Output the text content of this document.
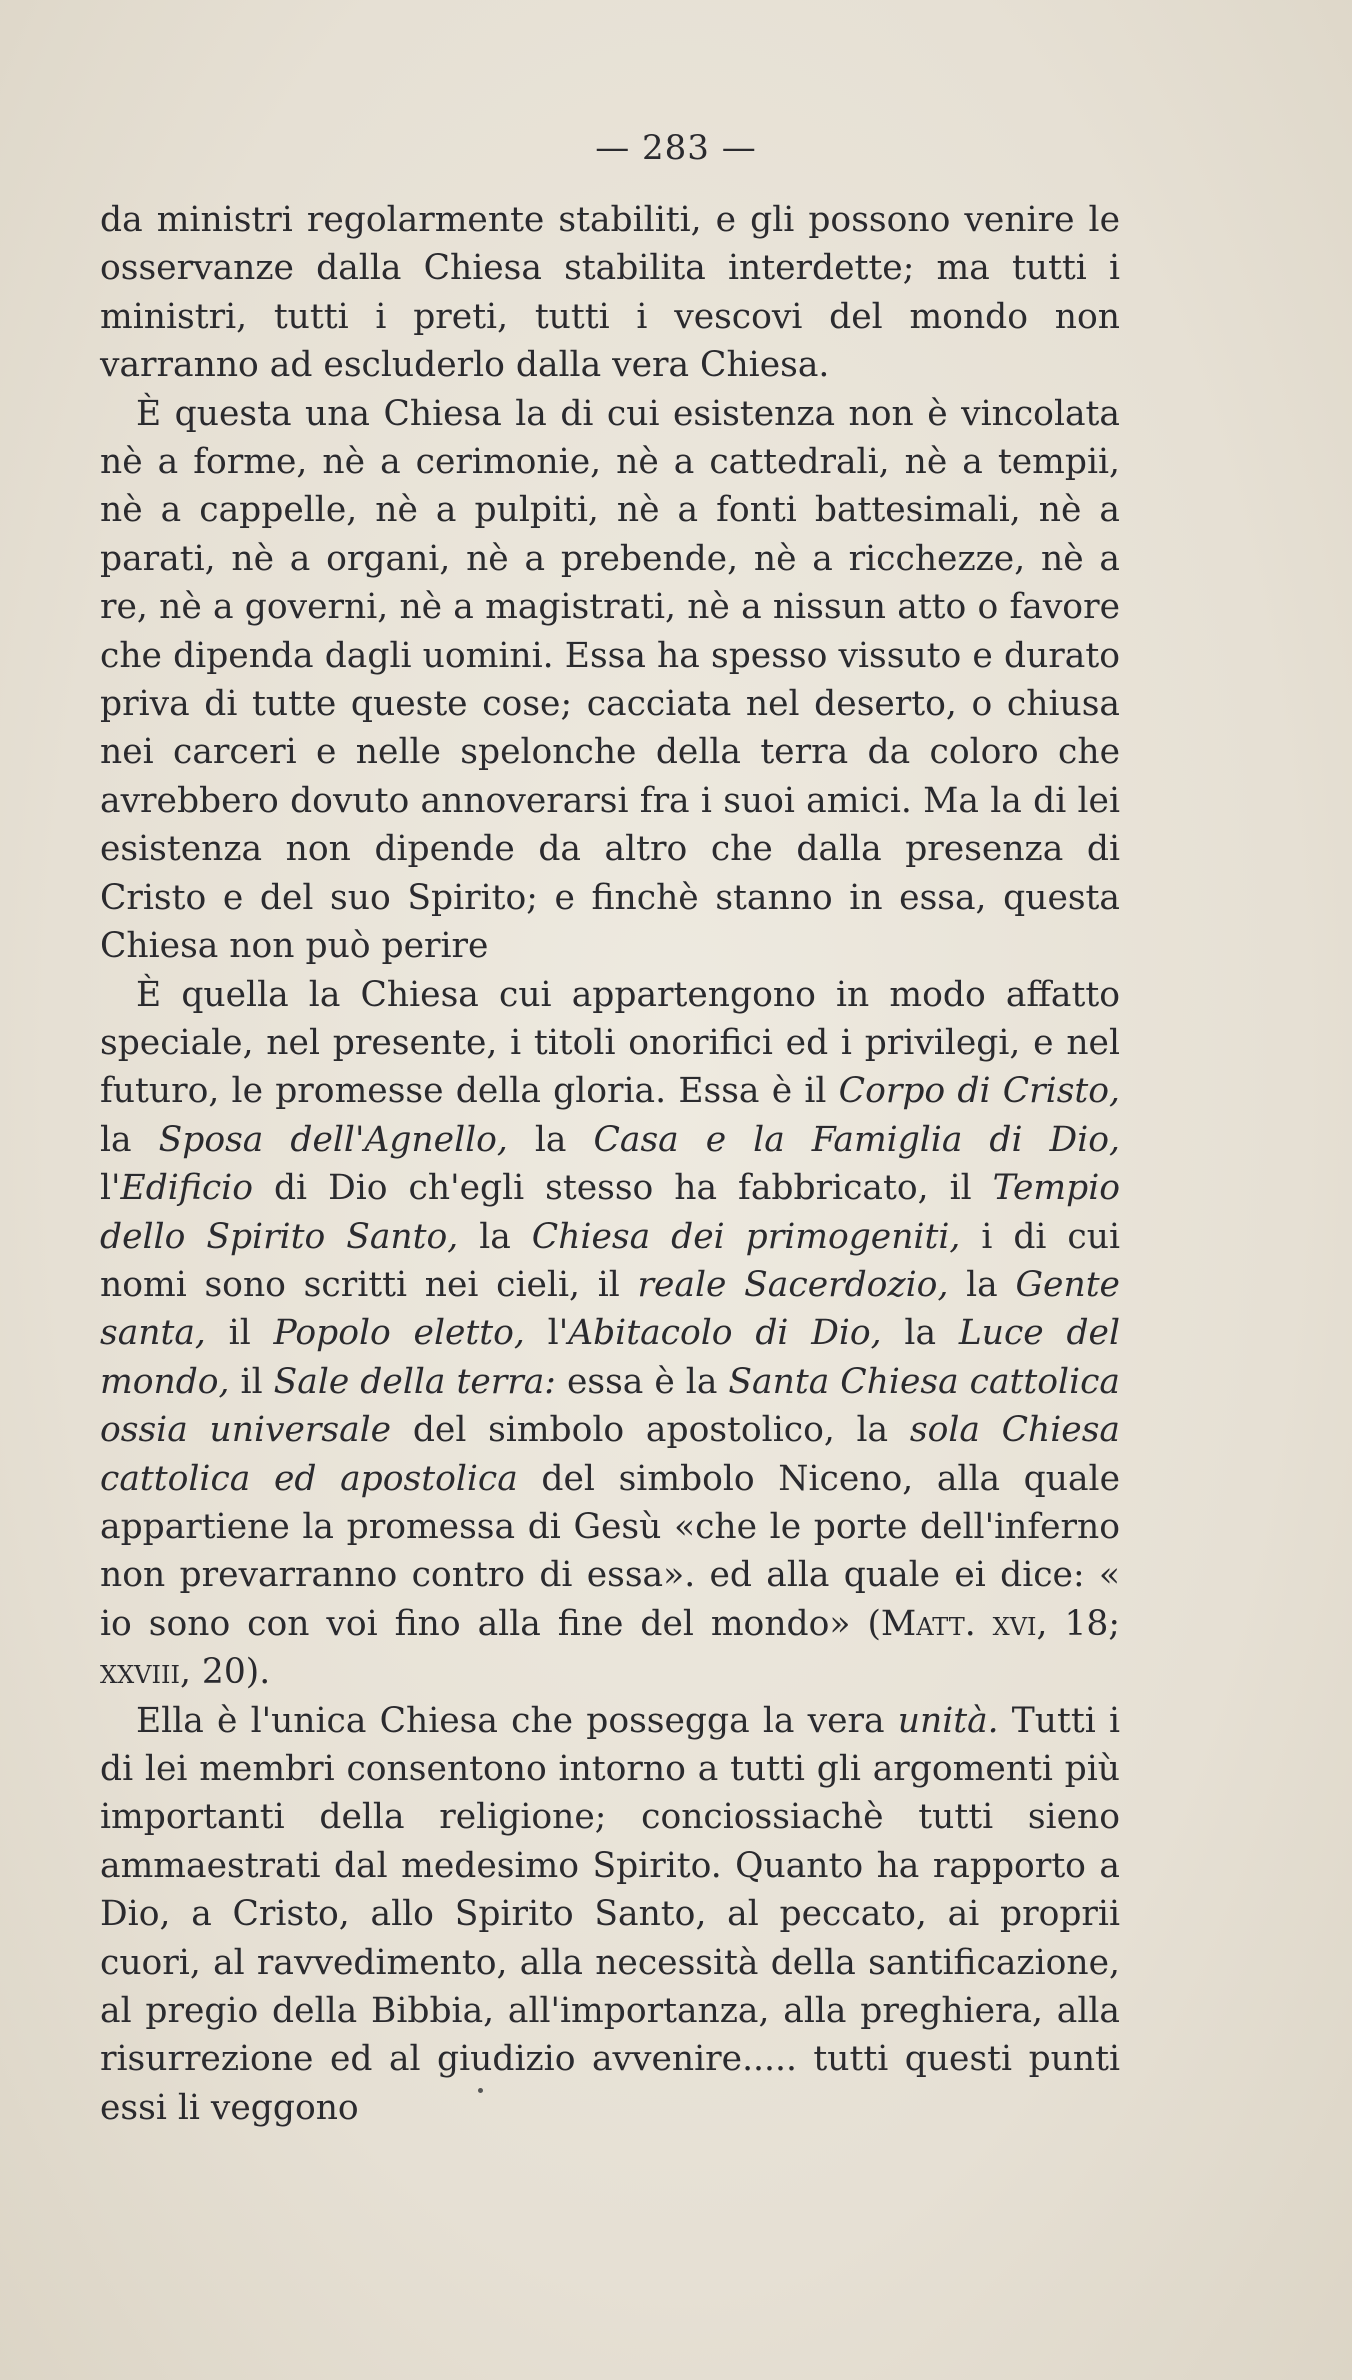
— 283 —

da ministri regolarmente stabiliti, e gli possono venire le osservanze dalla Chiesa stabilita interdette; ma tutti i ministri, tutti i preti, tutti i vescovi del mondo non varranno ad escluderlo dalla vera Chiesa.

È questa una Chiesa la di cui esistenza non è vincolata nè a forme, nè a cerimonie, nè a cattedrali, nè a tempii, nè a cappelle, nè a pulpiti, nè a fonti battesimali, nè a parati, nè a organi, nè a prebende, nè a ricchezze, nè a re, nè a governi, nè a magistrati, nè a nissun atto o favore che dipenda dagli uomini. Essa ha spesso vissuto e durato priva di tutte queste cose; cacciata nel deserto, o chiusa nei carceri e nelle spelonche della terra da coloro che avrebbero dovuto annoverarsi fra i suoi amici. Ma la di lei esistenza non dipende da altro che dalla presenza di Cristo e del suo Spirito; e finchè stanno in essa, questa Chiesa non può perire

È quella la Chiesa cui appartengono in modo affatto speciale, nel presente, i titoli onorifici ed i privilegi, e nel futuro, le promesse della gloria. Essa è il Corpo di Cristo, la Sposa dell'Agnello, la Casa e la Famiglia di Dio, l'Edificio di Dio ch'egli stesso ha fabbricato, il Tempio dello Spirito Santo, la Chiesa dei primogeniti, i di cui nomi sono scritti nei cieli, il reale Sacerdozio, la Gente santa, il Popolo eletto, l'Abitacolo di Dio, la Luce del mondo, il Sale della terra: essa è la Santa Chiesa cattolica ossia universale del simbolo apostolico, la sola Chiesa cattolica ed apostolica del simbolo Niceno, alla quale appartiene la promessa di Gesù «che le porte dell'inferno non prevarranno contro di essa». ed alla quale ei dice: « io sono con voi fino alla fine del mondo» (Matt. xvi, 18; xxviii, 20).

Ella è l'unica Chiesa che possegga la vera unità. Tutti i di lei membri consentono intorno a tutti gli argomenti più importanti della religione; conciossiachè tutti sieno ammaestrati dal medesimo Spirito. Quanto ha rapporto a Dio, a Cristo, allo Spirito Santo, al peccato, ai proprii cuori, al ravvedimento, alla necessità della santificazione, al pregio della Bibbia, all'importanza, alla preghiera, alla risurrezione ed al giudizio avvenire..... tutti questi punti essi li veggono
